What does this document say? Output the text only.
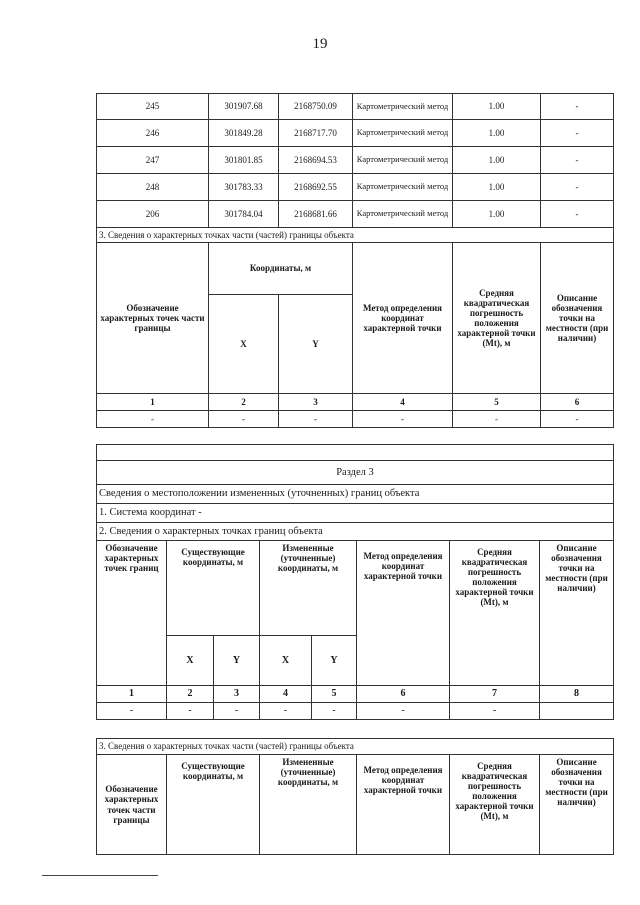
19
245	301907.68	2168750.09	Картометрический метод	1.00	-
246	301849.28	2168717.70	Картометрический метод	1.00	-
247	301801.85	2168694.53	Картометрический метод	1.00	-
248	301783.33	2168692.55	Картометрический метод	1.00	-
206	301784.04	2168681.66	Картометрический метод	1.00	-
3. Сведения о характерных точках части (частей) границы объекта					
Обозначение характерных точек части границы	Координаты, м		Метод определения координат характерной точки	Средняя квадратическая погрешность положения характерной точки (Mt), м	Описание обозначения точки на местности (при наличии)
	X	Y			
1	2	3	4	5	6
-	-	-	-	-	-

Раздел 3							
Сведения о местоположении измененных (уточненных) границ объекта							
1. Система координат -							
2. Сведения о характерных точках границ объекта							
Обозначение характерных точек границ	Существующие координаты, м		Измененные (уточненные) координаты, м		Метод определения координат характерной точки	Средняя квадратическая погрешность положения характерной точки (Mt), м	Описание обозначения точки на местности (при наличии)
	X	Y	X	Y			
1	2	3	4	5	6	7	8
-	-	-	-	-	-	-	
3. Сведения о характерных точках части (частей) границы объекта
Обозначение характерных точек части границы	Существующие координаты, м	Измененные (уточненные) координаты, м	Метод определения координат характерной точки	Средняя квадратическая погрешность положения характерной точки (Mt), м	Описание обозначения точки на местности (при наличии)
